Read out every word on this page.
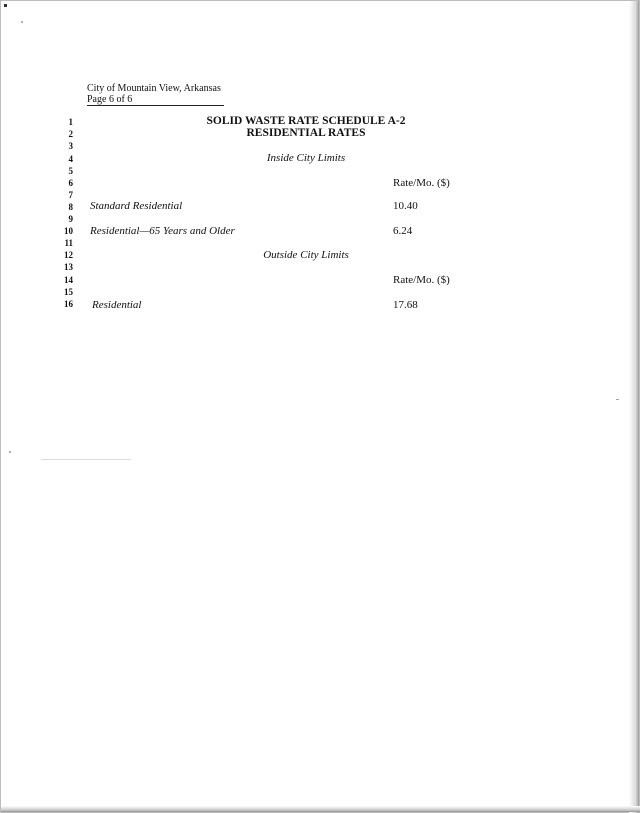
City of Mountain View, Arkansas
Page 6 of 6
1
2
3
4
5
6
7
8
9
10
11
12
13
14
15
16
SOLID WASTE RATE SCHEDULE A-2
RESIDENTIAL RATES
Inside City Limits
Rate/Mo. ($)
Standard Residential	10.40
Residential—65 Years and Older	6.24
Outside City Limits
Rate/Mo. ($)
Residential	17.68
